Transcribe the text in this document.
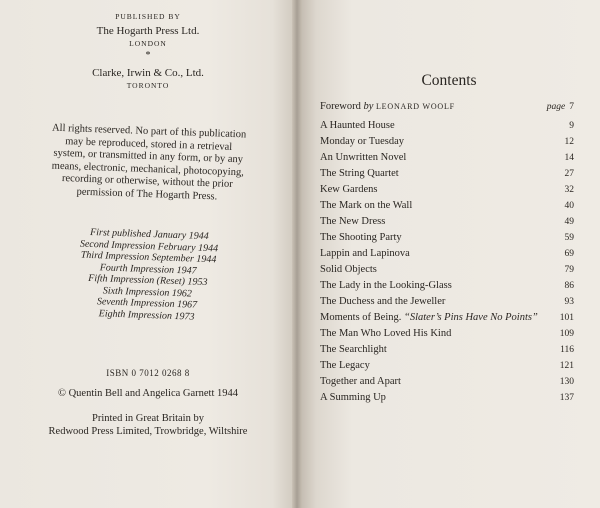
PUBLISHED BY
The Hogarth Press Ltd.
LONDON
*
Clarke, Irwin & Co., Ltd.
TORONTO
All rights reserved. No part of this publication
may be reproduced, stored in a retrieval
system, or transmitted in any form, or by any
means, electronic, mechanical, photocopying,
recording or otherwise, without the prior
permission of The Hogarth Press.
First published January 1944
Second Impression February 1944
Third Impression September 1944
Fourth Impression 1947
Fifth Impression (Reset) 1953
Sixth Impression 1962
Seventh Impression 1967
Eighth Impression 1973
ISBN 0 7012 0268 8
© Quentin Bell and Angelica Garnett 1944
Printed in Great Britain by
Redwood Press Limited, Trowbridge, Wiltshire
Contents
Foreword by LEONARD WOOLF	page 7
A Haunted House	9
Monday or Tuesday	12
An Unwritten Novel	14
The String Quartet	27
Kew Gardens	32
The Mark on the Wall	40
The New Dress	49
The Shooting Party	59
Lappin and Lapinova	69
Solid Objects	79
The Lady in the Looking-Glass	86
The Duchess and the Jeweller	93
Moments of Being. “Slater’s Pins Have No Points” 101
The Man Who Loved His Kind	109
The Searchlight	116
The Legacy	121
Together and Apart	130
A Summing Up	137
